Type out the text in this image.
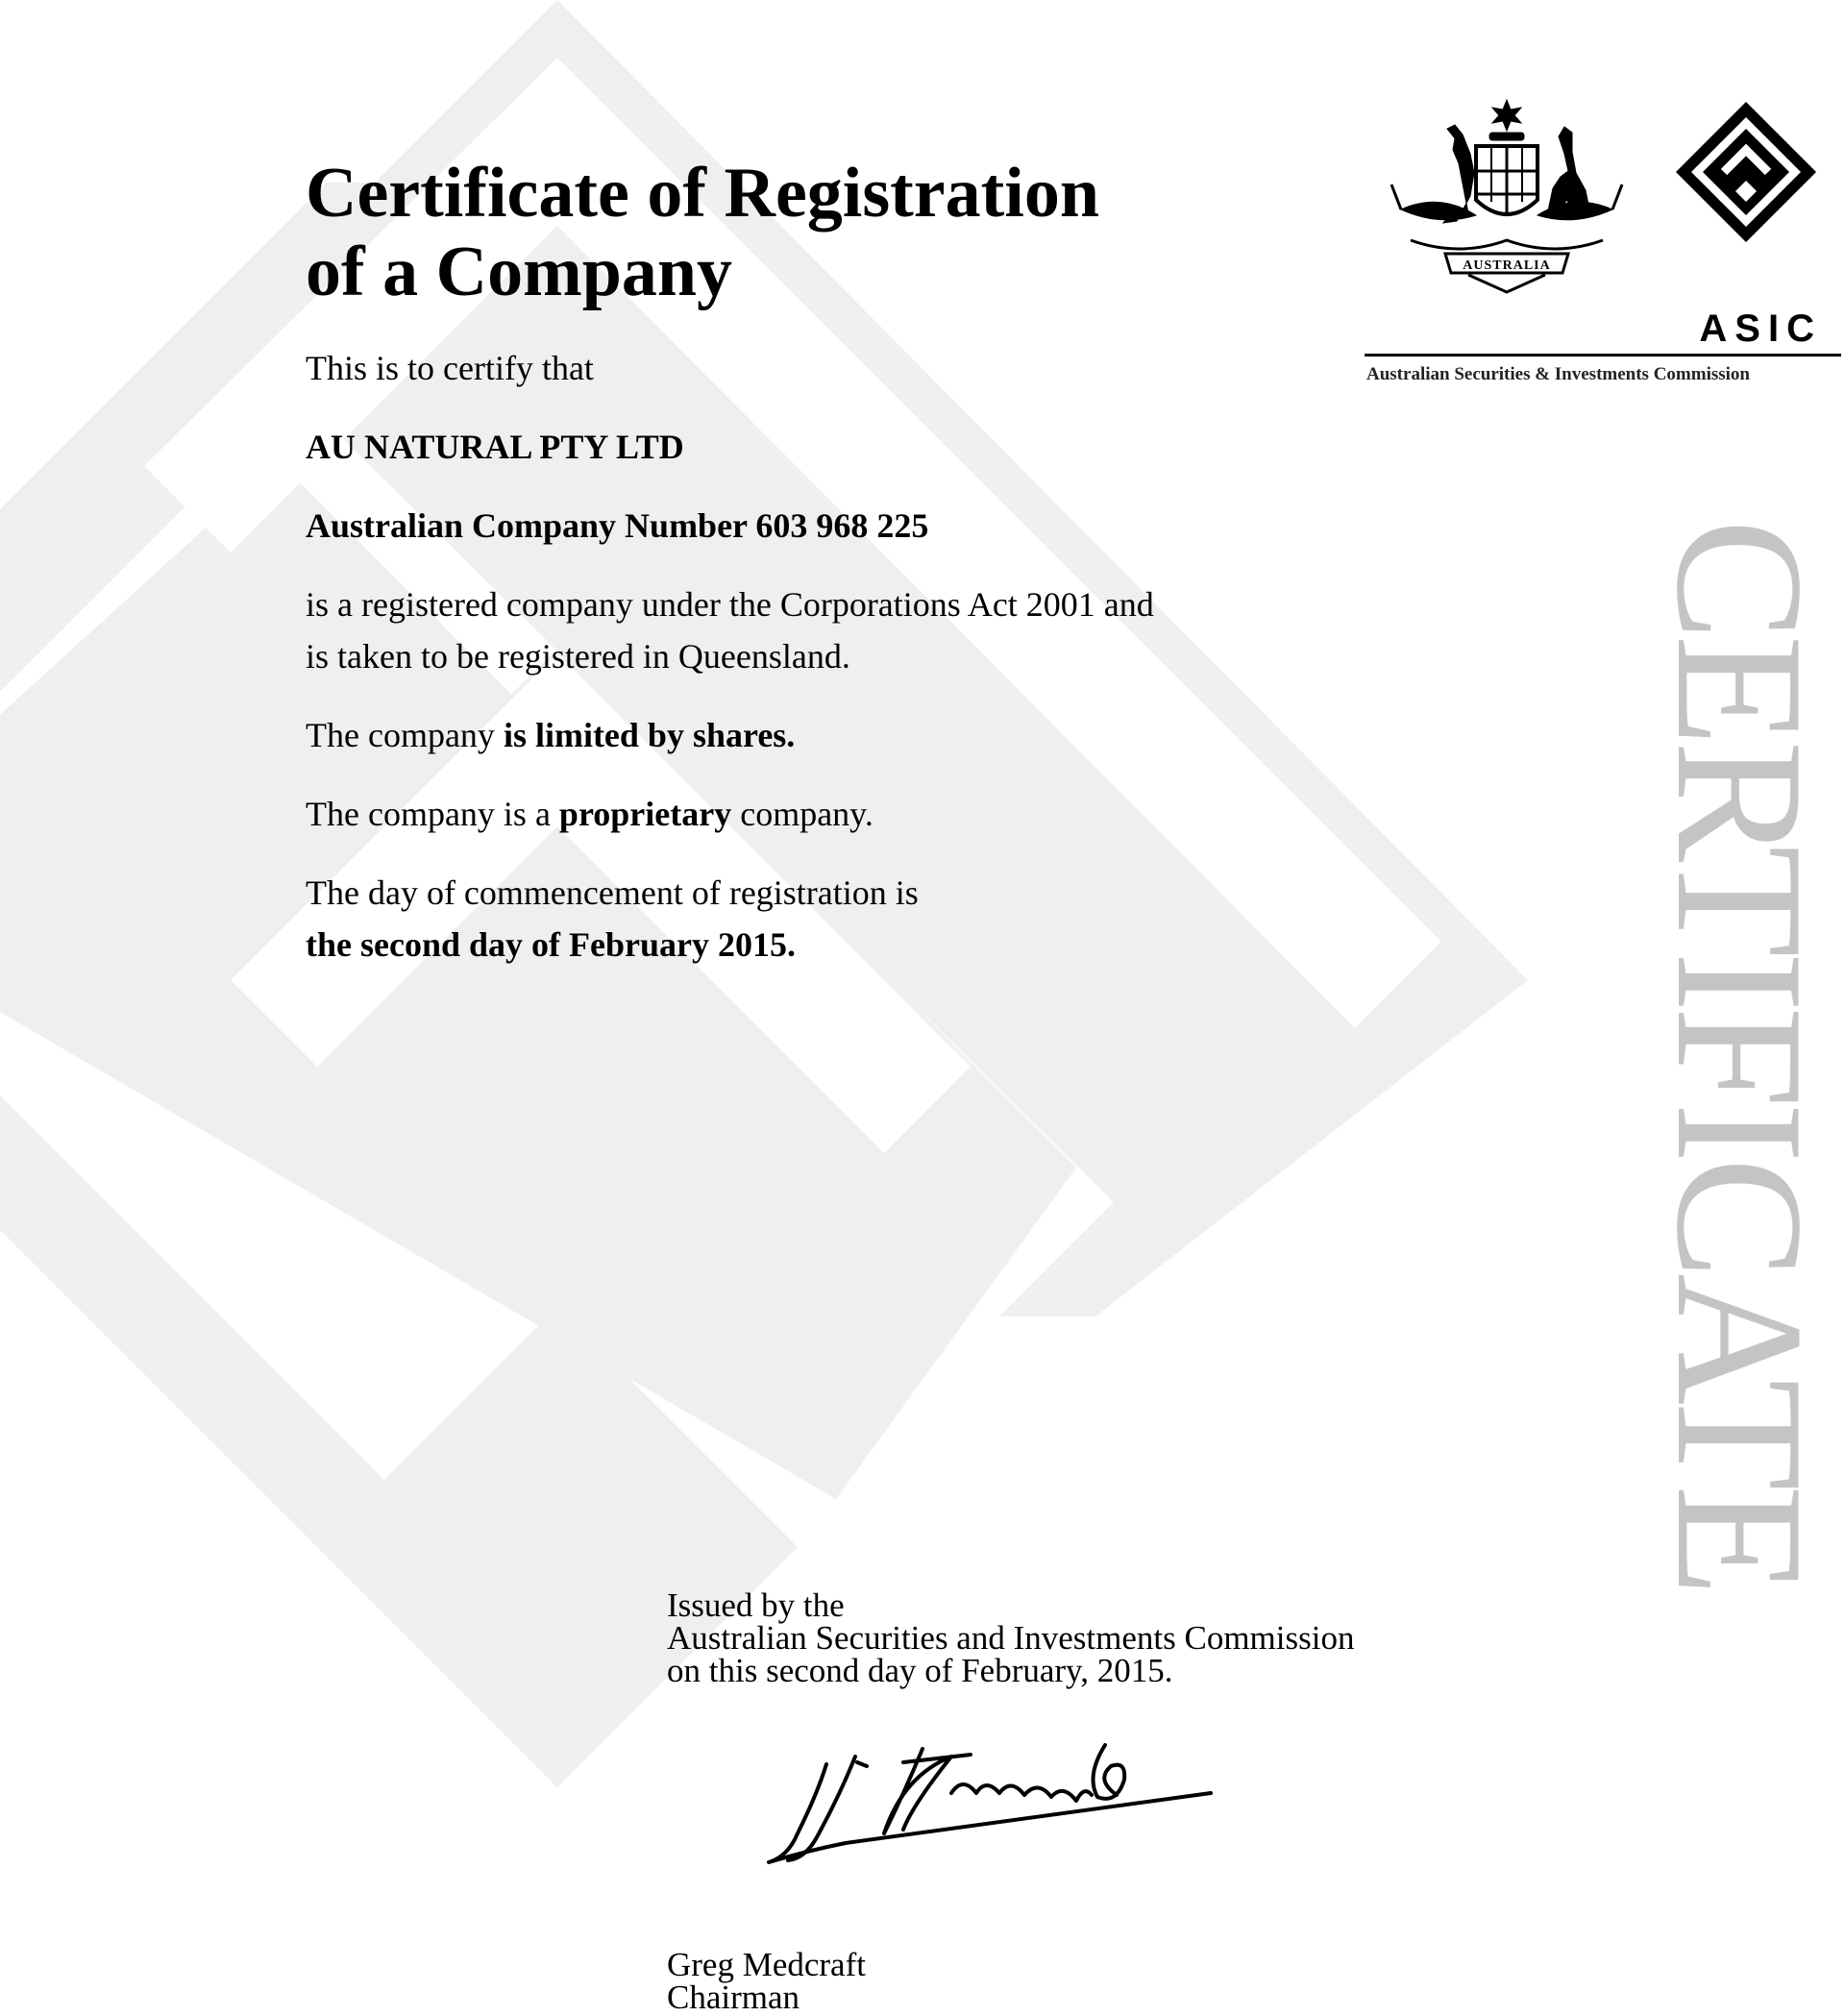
Certificate of Registration
of a Company

This is to certify that

AU NATURAL PTY LTD

Australian Company Number 603 968 225

is a registered company under the Corporations Act 2001 and
is taken to be registered in Queensland.

The company is limited by shares.

The company is a proprietary company.

The day of commencement of registration is
the second day of February 2015.

AUSTRALIA
ASIC
Australian Securities & Investments Commission
CERTIFICATE
Issued by the
Australian Securities and Investments Commission
on this second day of February, 2015.
Greg Medcraft
Chairman
